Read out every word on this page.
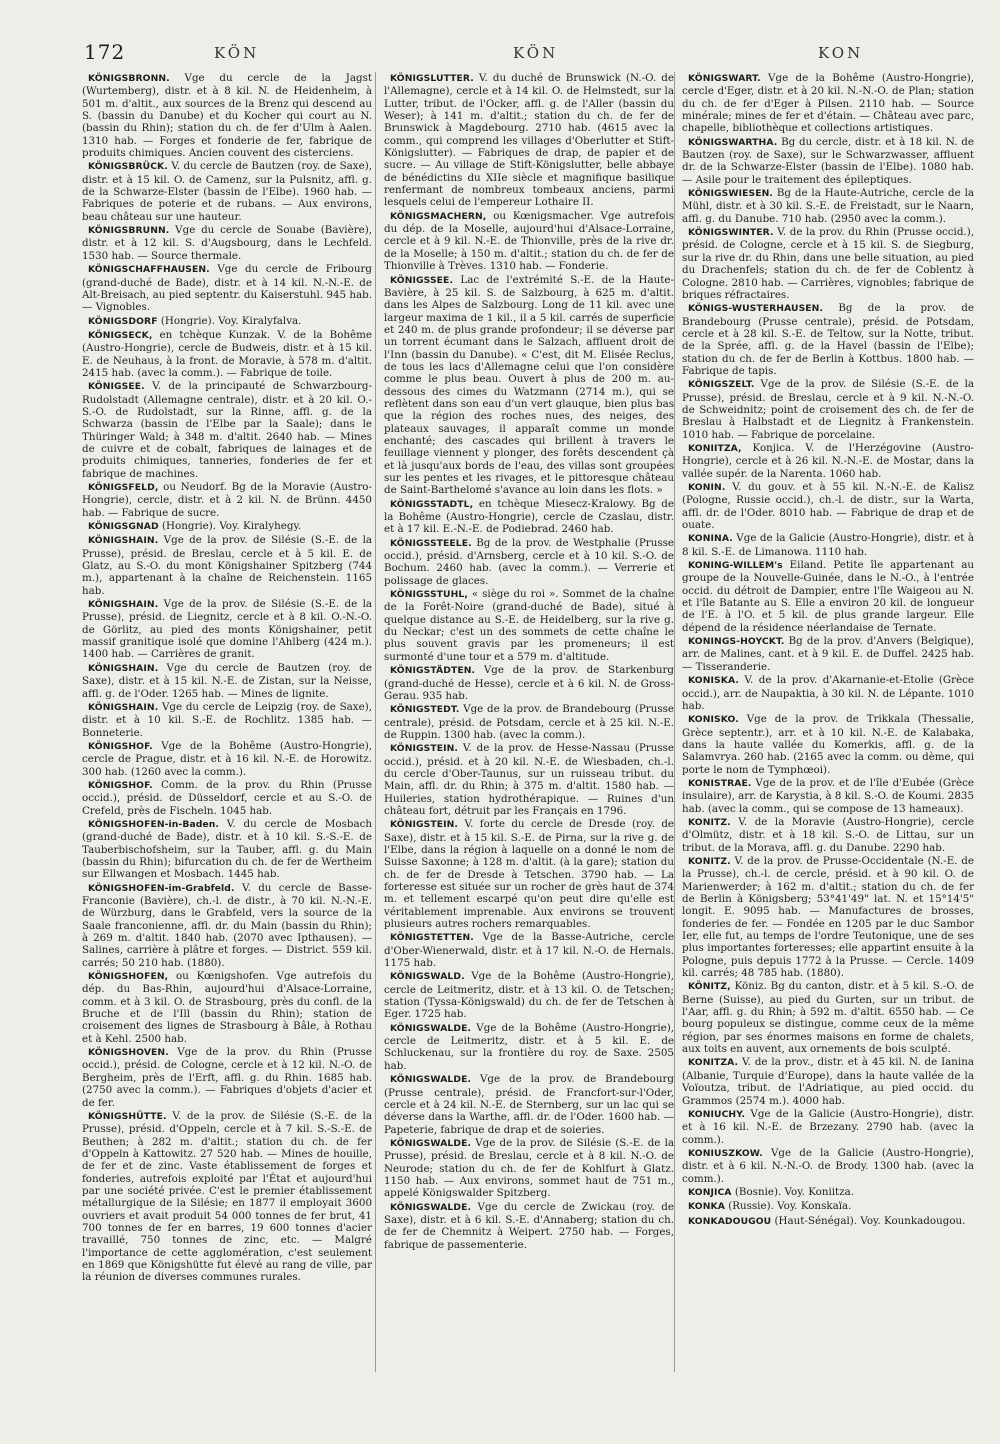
172	KÖN	KÖN	KON

KÖNIGSBRONN. Vge du cercle de la Jagst (Wurtemberg), distr. et à 8 kil. N. de Heidenheim, à 501 m. d'altit., aux sources de la Brenz qui descend au S. (bassin du Danube) et du Kocher qui court au N. (bassin du Rhin); station du ch. de fer d'Ulm à Aalen. 1310 hab. — Forges et fonderie de fer, fabrique de produits chimiques. Ancien couvent des cisterciens.

KÖNIGSBRÜCK. V. du cercle de Bautzen (roy. de Saxe), distr. et à 15 kil. O. de Camenz, sur la Pulsnitz, affl. g. de la Schwarze-Elster (bassin de l'Elbe). 1960 hab. — Fabriques de poterie et de rubans. — Aux environs, beau château sur une hauteur.

KÖNIGSBRUNN. Vge du cercle de Souabe (Bavière), distr. et à 12 kil. S. d'Augsbourg, dans le Lechfeld. 1530 hab. — Source thermale.

KÖNIGSCHAFFHAUSEN. Vge du cercle de Fribourg (grand-duché de Bade), distr. et à 14 kil. N.-N.-E. de Alt-Breisach, au pied septentr. du Kaiserstuhl. 945 hab. — Vignobles.

KÖNIGSDORF (Hongrie). Voy. Kiralyfalva.

KÖNIGSECK, en tchèque Kunzak. V. de la Bohême (Austro-Hongrie), cercle de Budweis, distr. et à 15 kil. E. de Neuhaus, à la front. de Moravie, à 578 m. d'altit. 2415 hab. (avec la comm.). — Fabrique de toile.

KÖNIGSEE. V. de la principauté de Schwarzbourg-Rudolstadt (Allemagne centrale), distr. et à 20 kil. O.-S.-O. de Rudolstadt, sur la Rinne, affl. g. de la Schwarza (bassin de l'Elbe par la Saale); dans le Thüringer Wald; à 348 m. d'altit. 2640 hab. — Mines de cuivre et de cobalt, fabriques de lainages et de produits chimiques, tanneries, fonderies de fer et fabrique de machines.

KÖNIGSFELD, ou Neudorf. Bg de la Moravie (Austro-Hongrie), cercle, distr. et à 2 kil. N. de Brünn. 4450 hab. — Fabrique de sucre.

KÖNIGSGNAD (Hongrie). Voy. Kiralyhegy.

KÖNIGSHAIN. Vge de la prov. de Silésie (S.-E. de la Prusse), présid. de Breslau, cercle et à 5 kil. E. de Glatz, au S.-O. du mont Königshainer Spitzberg (744 m.), appartenant à la chaîne de Reichenstein. 1165 hab.

KÖNIGSHAIN. Vge de la prov. de Silésie (S.-E. de la Prusse), présid. de Liegnitz, cercle et à 8 kil. O.-N.-O. de Görlitz, au pied des monts Königshainer, petit massif granitique isolé que domine l'Ahlberg (424 m.). 1400 hab. — Carrières de granit.

KÖNIGSHAIN. Vge du cercle de Bautzen (roy. de Saxe), distr. et à 15 kil. N.-E. de Zistan, sur la Neisse, affl. g. de l'Oder. 1265 hab. — Mines de lignite.

KÖNIGSHAIN. Vge du cercle de Leipzig (roy. de Saxe), distr. et à 10 kil. S.-E. de Rochlitz. 1385 hab. — Bonneterie.

KÖNIGSHOF. Vge de la Bohême (Austro-Hongrie), cercle de Prague, distr. et à 16 kil. N.-E. de Horowitz. 300 hab. (1260 avec la comm.).

KÖNIGSHOF. Comm. de la prov. du Rhin (Prusse occid.), présid. de Düsseldorf, cercle et au S.-O. de Crefeld, près de Fischeln. 1045 hab.

KÖNIGSHOFEN-in-Baden. V. du cercle de Mosbach (grand-duché de Bade), distr. et à 10 kil. S.-S.-E. de Tauberbischofsheim, sur la Tauber, affl. g. du Main (bassin du Rhin); bifurcation du ch. de fer de Wertheim sur Ellwangen et Mosbach. 1445 hab.

KÖNIGSHOFEN-im-Grabfeld. V. du cercle de Basse-Franconie (Bavière), ch.-l. de distr., à 70 kil. N.-N.-E. de Würzburg, dans le Grabfeld, vers la source de la Saale franconienne, affl. dr. du Main (bassin du Rhin); à 269 m. d'altit. 1840 hab. (2070 avec Ipthausen). — Salines, carrière à plâtre et forges. — District. 559 kil. carrés; 50 210 hab. (1880).

KÖNIGSHOFEN, ou Kœnigshofen. Vge autrefois du dép. du Bas-Rhin, aujourd'hui d'Alsace-Lorraine, comm. et à 3 kil. O. de Strasbourg, près du confl. de la Bruche et de l'Ill (bassin du Rhin); station de croisement des lignes de Strasbourg à Bâle, à Rothau et à Kehl. 2500 hab.

KÖNIGSHOVEN. Vge de la prov. du Rhin (Prusse occid.), présid. de Cologne, cercle et à 12 kil. N.-O. de Bergheim, près de l'Erft, affl. g. du Rhin. 1685 hab. (2750 avec la comm.). — Fabriques d'objets d'acier et de fer.

KÖNIGSHÜTTE. V. de la prov. de Silésie (S.-E. de la Prusse), présid. d'Oppeln, cercle et à 7 kil. S.-S.-E. de Beuthen; à 282 m. d'altit.; station du ch. de fer d'Oppeln à Kattowitz. 27 520 hab. — Mines de houille, de fer et de zinc. Vaste établissement de forges et fonderies, autrefois exploité par l'État et aujourd'hui par une société privée. C'est le premier établissement métallurgique de la Silésie; en 1877 il employait 3600 ouvriers et avait produit 54 000 tonnes de fer brut, 41 700 tonnes de fer en barres, 19 600 tonnes d'acier travaillé, 750 tonnes de zinc, etc. — Malgré l'importance de cette agglomération, c'est seulement en 1869 que Königshütte fut élevé au rang de ville, par la réunion de diverses communes rurales.

KÖNIGSLUTTER. V. du duché de Brunswick (N.-O. de l'Allemagne), cercle et à 14 kil. O. de Helmstedt, sur la Lutter, tribut. de l'Ocker, affl. g. de l'Aller (bassin du Weser); à 141 m. d'altit.; station du ch. de fer de Brunswick à Magdebourg. 2710 hab. (4615 avec la comm., qui comprend les villages d'Oberlutter et Stift-Königslutter). — Fabriques de drap, de papier et de sucre. — Au village de Stift-Königslutter, belle abbaye de bénédictins du XIIe siècle et magnifique basilique renfermant de nombreux tombeaux anciens, parmi lesquels celui de l'empereur Lothaire II.

KÖNIGSMACHERN, ou Kœnigsmacher. Vge autrefois du dép. de la Moselle, aujourd'hui d'Alsace-Lorraine, cercle et à 9 kil. N.-E. de Thionville, près de la rive dr. de la Moselle; à 150 m. d'altit.; station du ch. de fer de Thionville à Trèves. 1310 hab. — Fonderie.

KÖNIGSSEE. Lac de l'extrémité S.-E. de la Haute-Bavière, à 25 kil. S. de Salzbourg, à 625 m. d'altit. dans les Alpes de Salzbourg. Long de 11 kil. avec une largeur maxima de 1 kil., il a 5 kil. carrés de superficie et 240 m. de plus grande profondeur; il se déverse par un torrent écumant dans le Salzach, affluent droit de l'Inn (bassin du Danube). « C'est, dit M. Elisée Reclus, de tous les lacs d'Allemagne celui que l'on considère comme le plus beau. Ouvert à plus de 200 m. au-dessous des cimes du Watzmann (2714 m.), qui se reflètent dans son eau d'un vert glauque, bien plus bas que la région des roches nues, des neiges, des plateaux sauvages, il apparaît comme un monde enchanté; des cascades qui brillent à travers le feuillage viennent y plonger, des forêts descendent çà et là jusqu'aux bords de l'eau, des villas sont groupées sur les pentes et les rivages, et le pittoresque château de Saint-Barthelomé s'avance au loin dans les flots. »

KÖNIGSSTADTL, en tchèque Miesecz-Kralowy. Bg de la Bohême (Austro-Hongrie), cercle de Czaslau, distr. et à 17 kil. E.-N.-E. de Podiebrad. 2460 hab.

KÖNIGSSTEELE. Bg de la prov. de Westphalie (Prusse occid.), présid. d'Arnsberg, cercle et à 10 kil. S.-O. de Bochum. 2460 hab. (avec la comm.). — Verrerie et polissage de glaces.

KÖNIGSSTUHL, « siège du roi ». Sommet de la chaîne de la Forêt-Noire (grand-duché de Bade), situé à quelque distance au S.-E. de Heidelberg, sur la rive g. du Neckar; c'est un des sommets de cette chaîne le plus souvent gravis par les promeneurs; il est surmonté d'une tour et a 579 m. d'altitude.

KÖNIGSTÄDTEN. Vge de la prov. de Starkenburg (grand-duché de Hesse), cercle et à 6 kil. N. de Gross-Gerau. 935 hab.

KÖNIGSTEDT. Vge de la prov. de Brandebourg (Prusse centrale), présid. de Potsdam, cercle et à 25 kil. N.-E. de Ruppin. 1300 hab. (avec la comm.).

KÖNIGSTEIN. V. de la prov. de Hesse-Nassau (Prusse occid.), présid. et à 20 kil. N.-E. de Wiesbaden, ch.-l. du cercle d'Ober-Taunus, sur un ruisseau tribut. du Main, affl. dr. du Rhin; à 375 m. d'altit. 1580 hab. — Huileries, station hydrothérapique. — Ruines d'un château fort, détruit par les Français en 1796.

KÖNIGSTEIN. V. forte du cercle de Dresde (roy. de Saxe), distr. et à 15 kil. S.-E. de Pirna, sur la rive g. de l'Elbe, dans la région à laquelle on a donné le nom de Suisse Saxonne; à 128 m. d'altit. (à la gare); station du ch. de fer de Dresde à Tetschen. 3790 hab. — La forteresse est située sur un rocher de grès haut de 374 m. et tellement escarpé qu'on peut dire qu'elle est véritablement imprenable. Aux environs se trouvent plusieurs autres rochers remarquables.

KÖNIGSTETTEN. Vge de la Basse-Autriche, cercle d'Ober-Wienerwald, distr. et à 17 kil. N.-O. de Hernals. 1175 hab.

KÖNIGSWALD. Vge de la Bohême (Austro-Hongrie), cercle de Leitmeritz, distr. et à 13 kil. O. de Tetschen; station (Tyssa-Königswald) du ch. de fer de Tetschen à Eger. 1725 hab.

KÖNIGSWALDE. Vge de la Bohême (Austro-Hongrie), cercle de Leitmeritz, distr. et à 5 kil. E. de Schluckenau, sur la frontière du roy. de Saxe. 2505 hab.

KÖNIGSWALDE. Vge de la prov. de Brandebourg (Prusse centrale), présid. de Francfort-sur-l'Oder, cercle et à 24 kil. N.-E. de Sternberg, sur un lac qui se déverse dans la Warthe, affl. dr. de l'Oder. 1600 hab. — Papeterie, fabrique de drap et de soieries.

KÖNIGSWALDE. Vge de la prov. de Silésie (S.-E. de la Prusse), présid. de Breslau, cercle et à 8 kil. N.-O. de Neurode; station du ch. de fer de Kohlfurt à Glatz. 1150 hab. — Aux environs, sommet haut de 751 m., appelé Königswalder Spitzberg.

KÖNIGSWALDE. Vge du cercle de Zwickau (roy. de Saxe), distr. et à 6 kil. S.-E. d'Annaberg; station du ch. de fer de Chemnitz à Weipert. 2750 hab. — Forges, fabrique de passementerie.

KÖNIGSWART. Vge de la Bohême (Austro-Hongrie), cercle d'Eger, distr. et à 20 kil. N.-N.-O. de Plan; station du ch. de fer d'Eger à Pilsen. 2110 hab. — Source minérale; mines de fer et d'étain. — Château avec parc, chapelle, bibliothèque et collections artistiques.

KÖNIGSWARTHA. Bg du cercle, distr. et à 18 kil. N. de Bautzen (roy. de Saxe), sur le Schwarzwasser, affluent dr. de la Schwarze-Elster (bassin de l'Elbe). 1080 hab. — Asile pour le traitement des épileptiques.

KÖNIGSWIESEN. Bg de la Haute-Autriche, cercle de la Mühl, distr. et à 30 kil. S.-E. de Freistadt, sur le Naarn, affl. g. du Danube. 710 hab. (2950 avec la comm.).

KÖNIGSWINTER. V. de la prov. du Rhin (Prusse occid.), présid. de Cologne, cercle et à 15 kil. S. de Siegburg, sur la rive dr. du Rhin, dans une belle situation, au pied du Drachenfels; station du ch. de fer de Coblentz à Cologne. 2810 hab. — Carrières, vignobles; fabrique de briques réfractaires.

KÖNIGS-WUSTERHAUSEN. Bg de la prov. de Brandebourg (Prusse centrale), présid. de Potsdam, cercle et à 28 kil. S.-E. de Teltow, sur la Notte, tribut. de la Sprée, affl. g. de la Havel (bassin de l'Elbe); station du ch. de fer de Berlin à Kottbus. 1800 hab. — Fabrique de tapis.

KÖNIGSZELT. Vge de la prov. de Silésie (S.-E. de la Prusse), présid. de Breslau, cercle et à 9 kil. N.-N.-O. de Schweidnitz; point de croisement des ch. de fer de Breslau à Halbstadt et de Liegnitz à Frankenstein. 1010 hab. — Fabrique de porcelaine.

KONIITZA, Konjica. V. de l'Herzégovine (Austro-Hongrie), cercle et à 26 kil. N.-N.-E. de Mostar, dans la vallée supér. de la Narenta. 1060 hab.

KONIN. V. du gouv. et à 55 kil. N.-N.-E. de Kalisz (Pologne, Russie occid.), ch.-l. de distr., sur la Warta, affl. dr. de l'Oder. 8010 hab. — Fabrique de drap et de ouate.

KONINA. Vge de la Galicie (Austro-Hongrie), distr. et à 8 kil. S.-E. de Limanowa. 1110 hab.

KONING-WILLEM's Eiland. Petite île appartenant au groupe de la Nouvelle-Guinée, dans le N.-O., à l'entrée occid. du détroit de Dampier, entre l'île Waigeou au N. et l'île Batante au S. Elle a environ 20 kil. de longueur de l'E. à l'O. et 5 kil. de plus grande largeur. Elle dépend de la résidence néerlandaise de Ternate.

KONINGS-HOYCKT. Bg de la prov. d'Anvers (Belgique), arr. de Malines, cant. et à 9 kil. E. de Duffel. 2425 hab. — Tisseranderie.

KONISKA. V. de la prov. d'Akarnanie-et-Etolie (Grèce occid.), arr. de Naupaktia, à 30 kil. N. de Lépante. 1010 hab.

KONISKO. Vge de la prov. de Trikkala (Thessalie, Grèce septentr.), arr. et à 10 kil. N.-E. de Kalabaka, dans la haute vallée du Komerkis, affl. g. de la Salamvrya. 260 hab. (2165 avec la comm. ou dème, qui porte le nom de Tymphœoi).

KONISTRAE. Vge de la prov. et de l'île d'Eubée (Grèce insulaire), arr. de Karystia, à 8 kil. S.-O. de Koumi. 2835 hab. (avec la comm., qui se compose de 13 hameaux).

KONITZ. V. de la Moravie (Austro-Hongrie), cercle d'Olmütz, distr. et à 18 kil. S.-O. de Littau, sur un tribut. de la Morava, affl. g. du Danube. 2290 hab.

KONITZ. V. de la prov. de Prusse-Occidentale (N.-E. de la Prusse), ch.-l. de cercle, présid. et à 90 kil. O. de Marienwerder; à 162 m. d'altit.; station du ch. de fer de Berlin à Königsberg; 53°41'49" lat. N. et 15°14'5" longit. E. 9095 hab. — Manufactures de brosses, fonderies de fer. — Fondée en 1205 par le duc Sambor Ier, elle fut, au temps de l'ordre Teutonique, une de ses plus importantes forteresses; elle appartint ensuite à la Pologne, puis depuis 1772 à la Prusse. — Cercle. 1409 kil. carrés; 48 785 hab. (1880).

KÖNITZ, Köniz. Bg du canton, distr. et à 5 kil. S.-O. de Berne (Suisse), au pied du Gurten, sur un tribut. de l'Aar, affl. g. du Rhin; à 592 m. d'altit. 6550 hab. — Ce bourg populeux se distingue, comme ceux de la même région, par ses énormes maisons en forme de chalets, aux toits en auvent, aux ornements de bois sculpté.

KONITZA. V. de la prov., distr. et à 45 kil. N. de Ianina (Albanie, Turquie d'Europe), dans la haute vallée de la Voïoutza, tribut. de l'Adriatique, au pied occid. du Grammos (2574 m.). 4000 hab.

KONIUCHY. Vge de la Galicie (Austro-Hongrie), distr. et à 16 kil. N.-E. de Brzezany. 2790 hab. (avec la comm.).

KONIUSZKOW. Vge de la Galicie (Austro-Hongrie), distr. et à 6 kil. N.-N.-O. de Brody. 1300 hab. (avec la comm.).

KONJICA (Bosnie). Voy. Koniitza.

KONKA (Russie). Voy. Konskaïa.

KONKADOUGOU (Haut-Sénégal). Voy. Kounkadougou.
